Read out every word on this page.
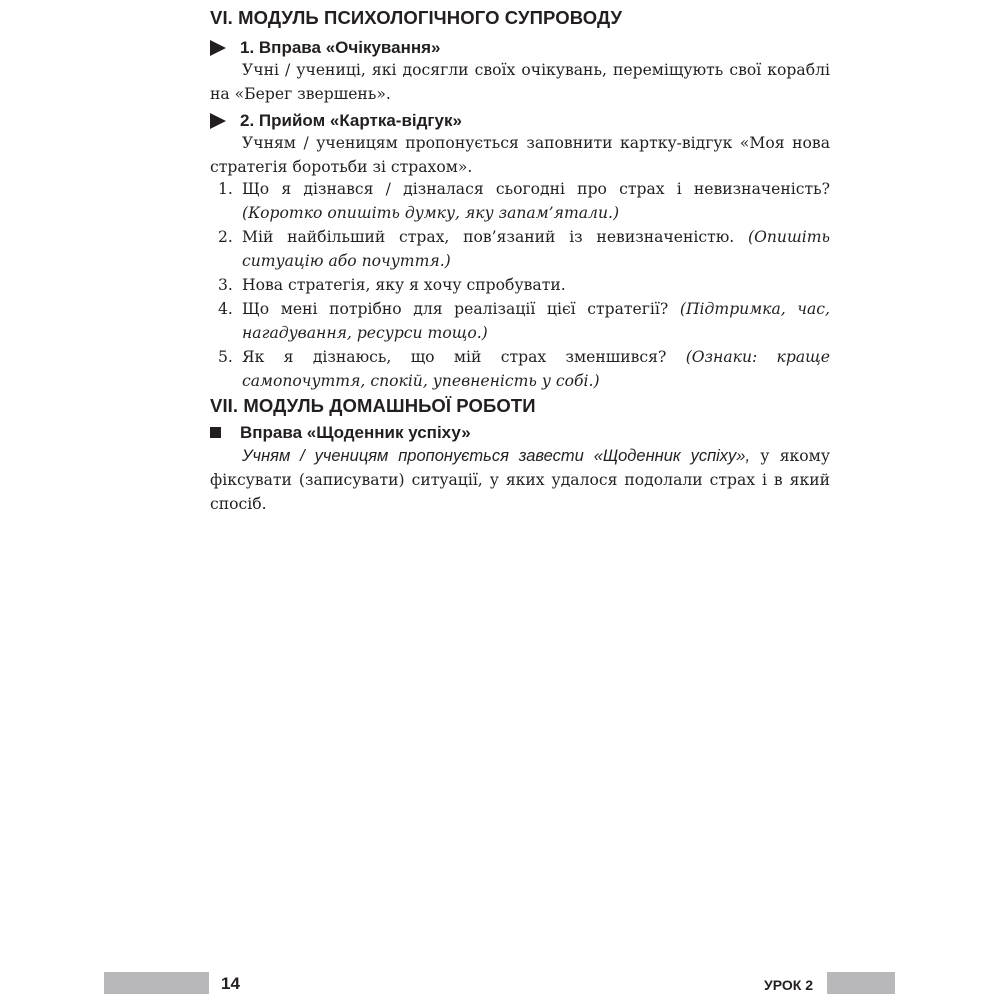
VI. МОДУЛЬ ПСИХОЛОГІЧНОГО СУПРОВОДУ
1. Вправа «Очікування»
Учні / учениці, які досягли своїх очікувань, переміщують свої кораблі на «Берег звершень».
2. Прийом «Картка-відгук»
Учням / ученицям пропонується заповнити картку-відгук «Моя нова стратегія боротьби зі страхом».
1. Що я дізнався / дізналася сьогодні про страх і невизначеність? (Коротко опишіть думку, яку запам’ятали.)
2. Мій найбільший страх, пов’язаний із невизначеністю. (Опишіть ситуацію або почуття.)
3. Нова стратегія, яку я хочу спробувати.
4. Що мені потрібно для реалізації цієї стратегії? (Підтримка, час, нагадування, ресурси тощо.)
5. Як я дізнаюсь, що мій страх зменшився? (Ознаки: краще самопочуття, спокій, упевненість у собі.)
VII. МОДУЛЬ ДОМАШНЬОЇ РОБОТИ
Вправа «Щоденник успіху»
Учням / ученицям пропонується завести «Щоденник успіху», у якому фіксувати (записувати) ситуації, у яких удалося подолали страх і в який спосіб.
14	УРОК 2
